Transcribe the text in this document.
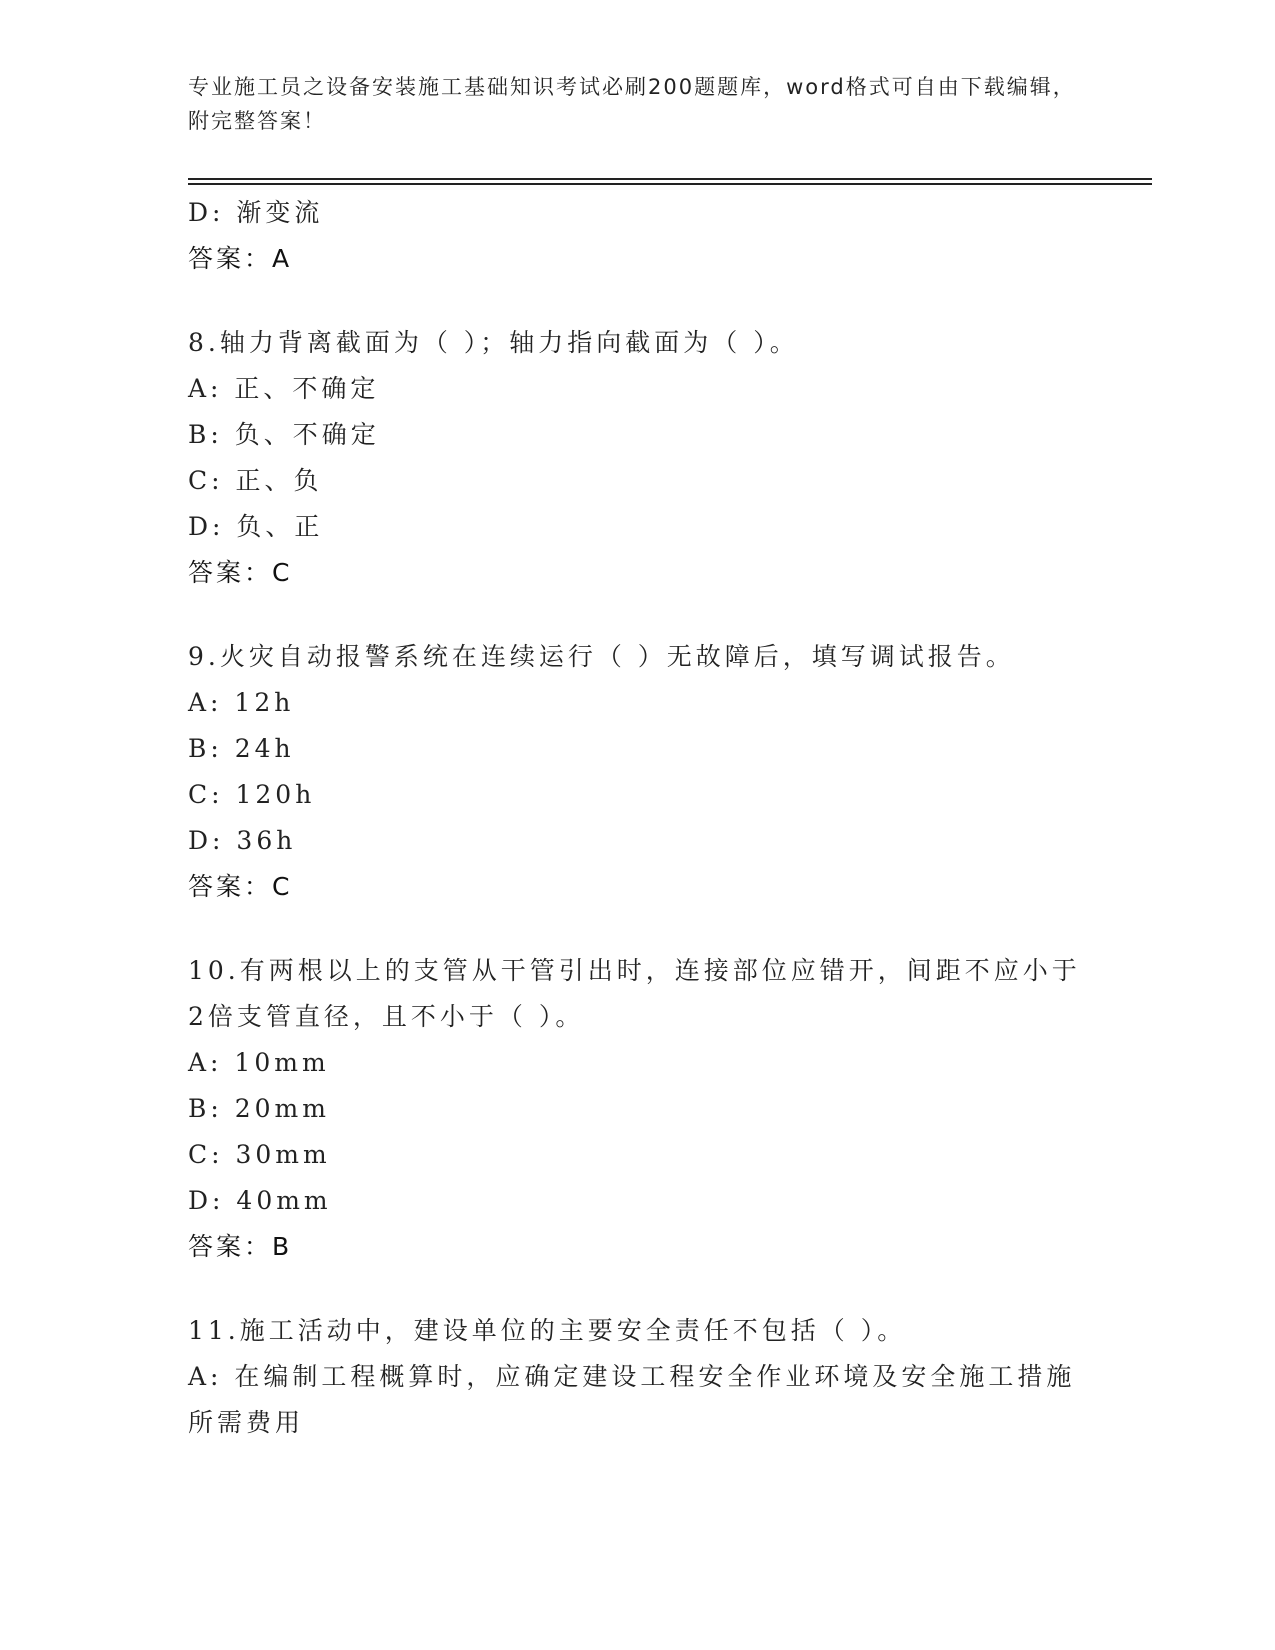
专业施工员之设备安装施工基础知识考试必刷200题题库，word格式可自由下载编辑，附完整答案！
D: 渐变流
答案：A
8.轴力背离截面为（ ）；轴力指向截面为（ ）。
A: 正、不确定
B: 负、不确定
C: 正、负
D: 负、正
答案：C
9.火灾自动报警系统在连续运行（ ）无故障后，填写调试报告。
A: 12h
B: 24h
C: 120h
D: 36h
答案：C
10.有两根以上的支管从干管引出时，连接部位应错开，间距不应小于2倍支管直径，且不小于（ ）。
A: 10mm
B: 20mm
C: 30mm
D: 40mm
答案：B
11.施工活动中，建设单位的主要安全责任不包括（ ）。
A: 在编制工程概算时，应确定建设工程安全作业环境及安全施工措施所需费用
